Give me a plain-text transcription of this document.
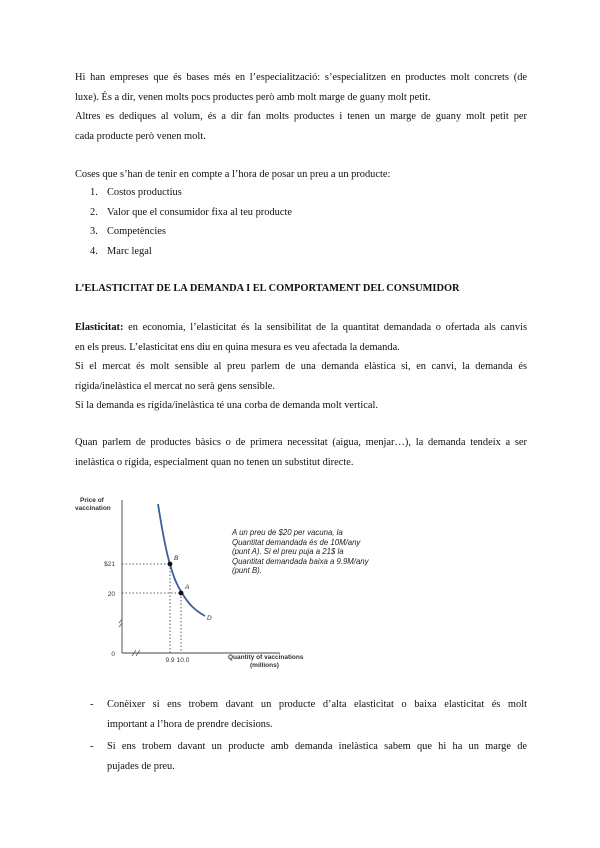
Hi han empreses que és bases més en l’especialització: s’especialitzen en productes molt concrets (de
luxe). És a dir, venen molts pocs productes però amb molt marge de guany molt petit.
Altres es dediques al volum, és a dir fan molts productes i tenen un marge de guany molt petit per
cada producte però venen molt.
Coses que s’han de tenir en compte a l’hora de posar un preu a un producte:
1. Costos productius
2. Valor que el consumidor fixa al teu producte
3. Competències
4. Marc legal
L’ELASTICITAT DE LA DEMANDA I EL COMPORTAMENT DEL CONSUMIDOR
Elasticitat: en economia, l’elasticitat és la sensibilitat de la quantitat demandada o ofertada als canvis
en els preus. L’elasticitat ens diu en quina mesura es veu afectada la demanda.
Si el mercat és molt sensible al preu parlem de una demanda elàstica si, en canvi, la demanda és
rígida/inelàstica el mercat no serà gens sensible.
Si la demanda es rígida/inelàstica té una corba de demanda molt vertical.
Quan parlem de productes bàsics o de primera necessitat (aigua, menjar…), la demanda tendeix a ser
inelàstica o rígida, especialment quan no tenen un substitut directe.
Price of
vaccination
$21
20
0
9.9 10.0
B
A
D
Quantity of vaccinations
(millions)
A un preu de $20 per vacuna, la
Quantitat demandada és de 10M/any
(punt A). Si el preu puja a 21$ la
Quantitat demandada baixa a 9.9M/any
(punt B).
- Conèixer si ens trobem davant un producte d’alta elasticitat o baixa elasticitat és molt
important a l’hora de prendre decisions.
- Si ens trobem davant un producte amb demanda inelàstica sabem que hi ha un marge de
pujades de preu.
